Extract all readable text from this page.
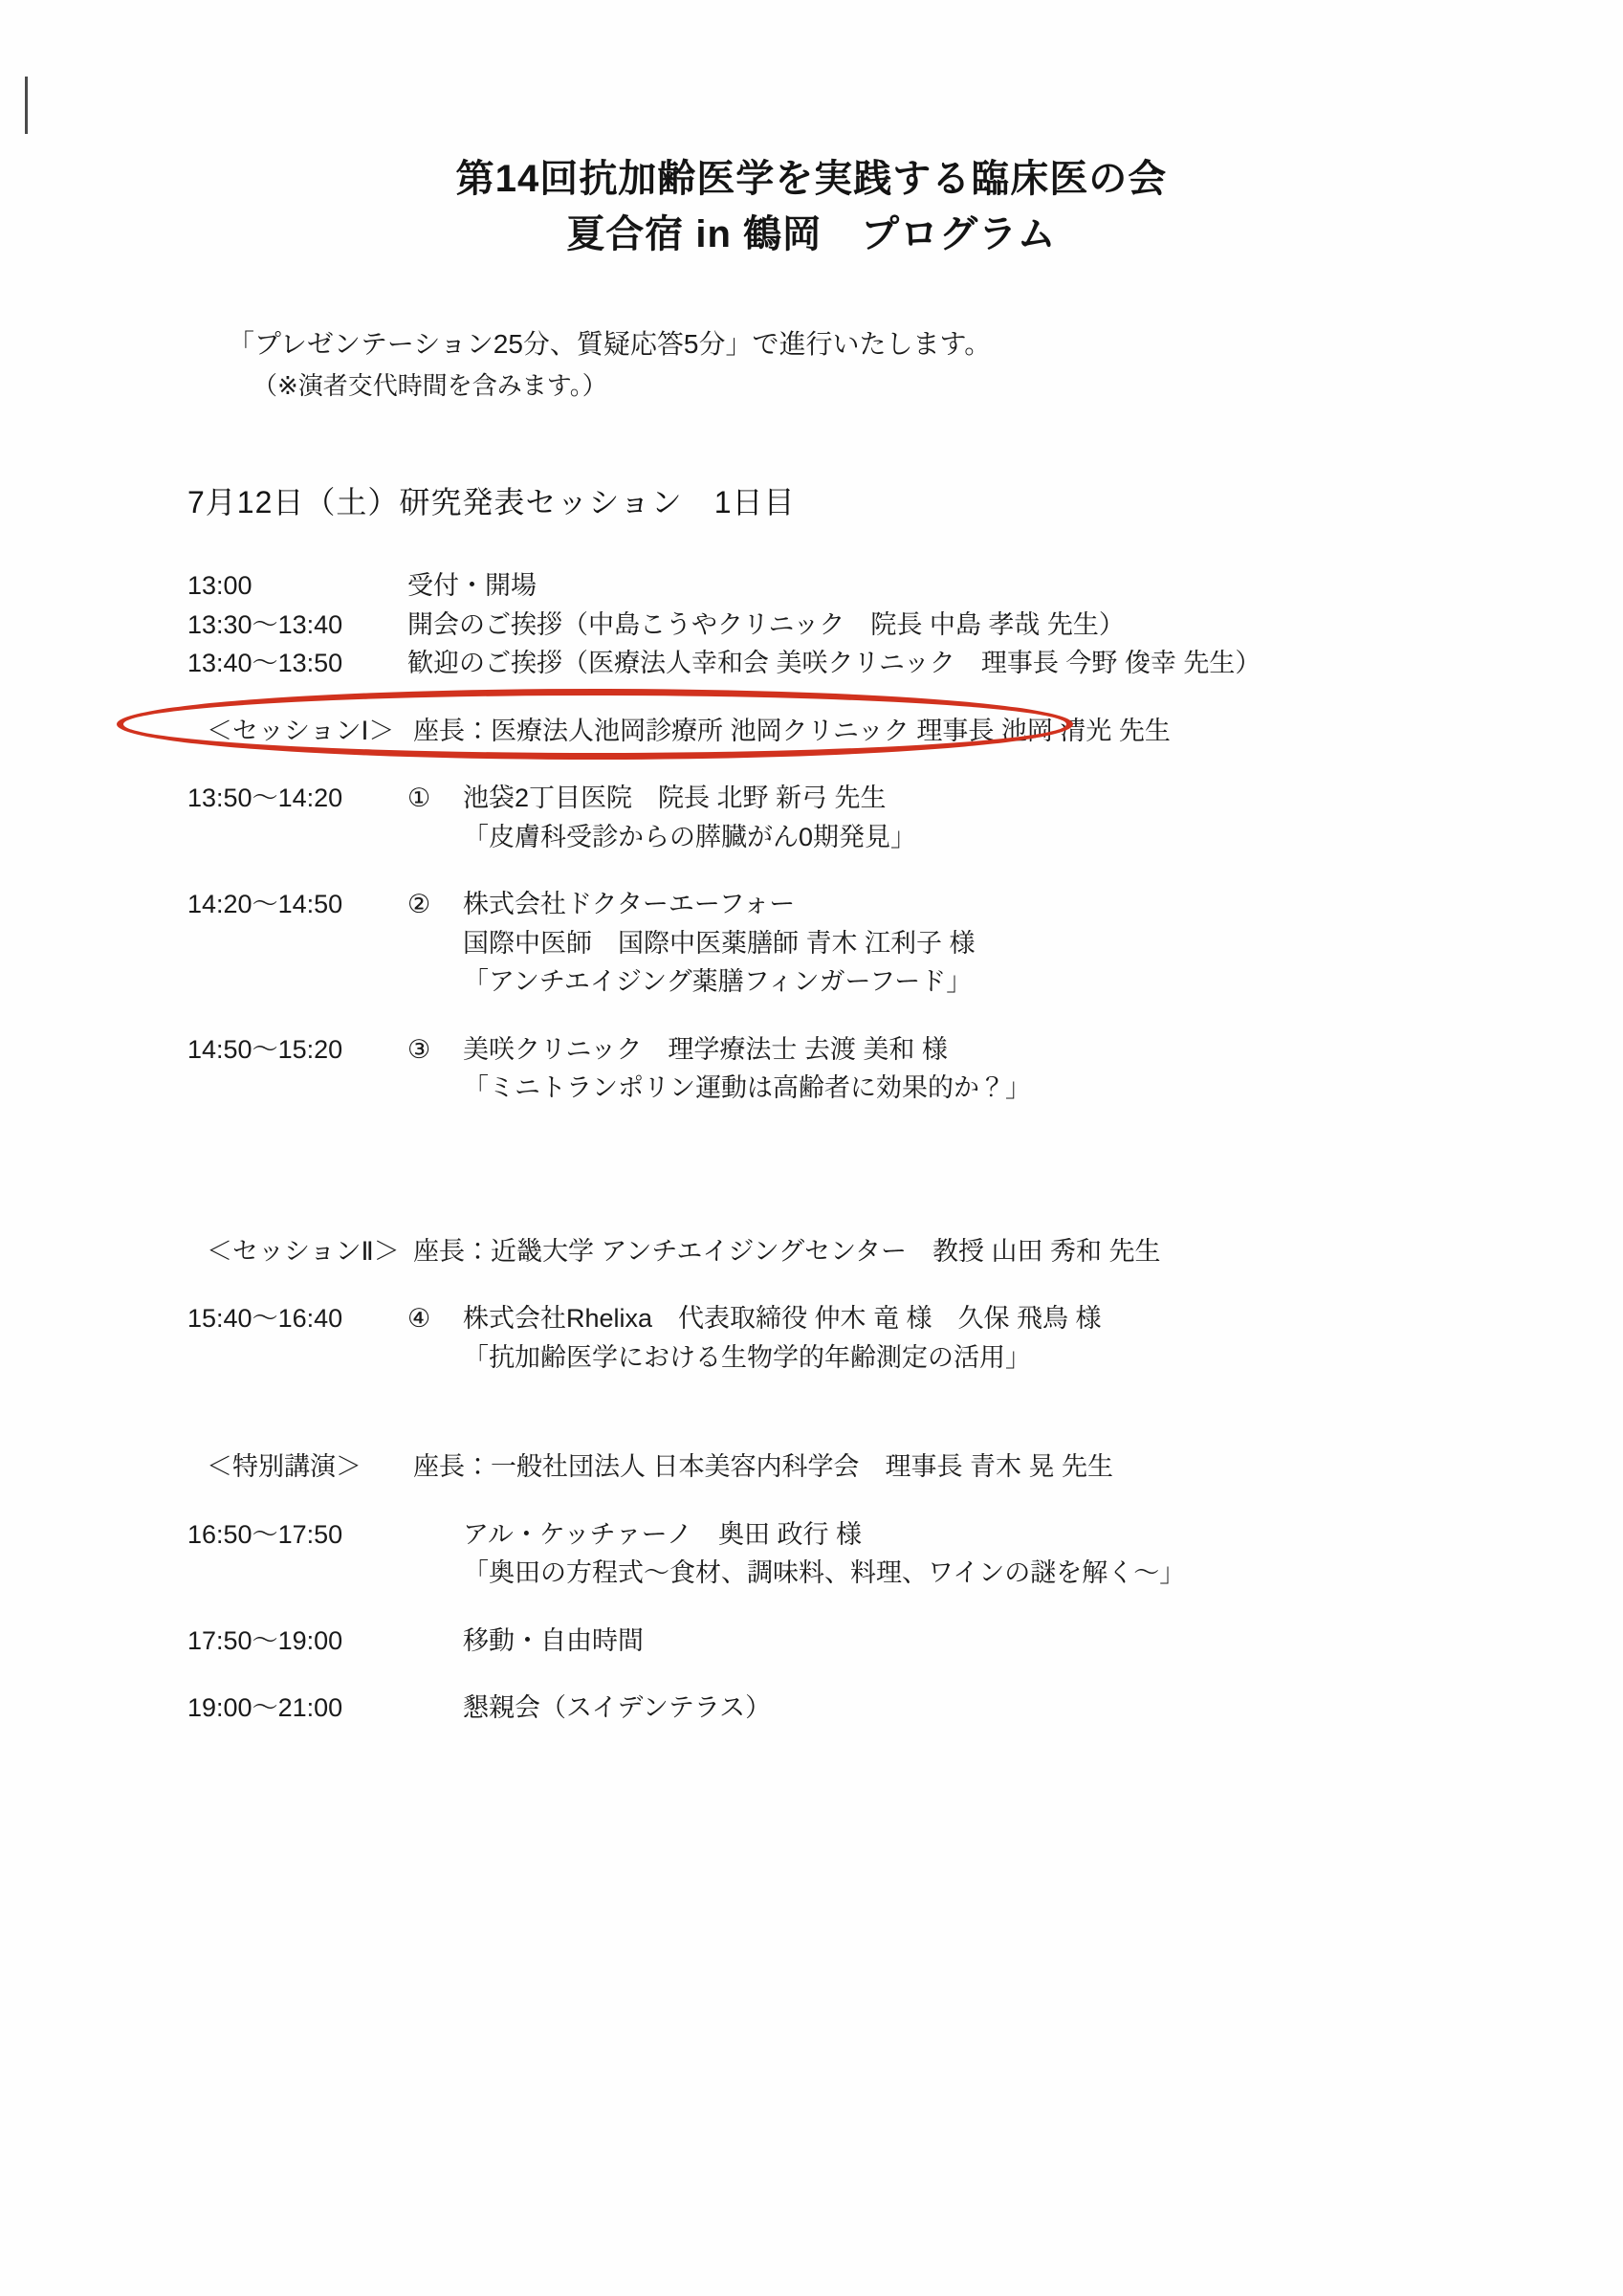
第14回抗加齢医学を実践する臨床医の会
夏合宿 in 鶴岡　プログラム
「プレゼンテーション25分、質疑応答5分」で進行いたします。
（※演者交代時間を含みます。）
7月12日（土）研究発表セッション　1日目
13:00	受付・開場
13:30〜13:40	開会のご挨拶（中島こうやクリニック　院長 中島 孝哉 先生）
13:40〜13:50	歓迎のご挨拶（医療法人幸和会 美咲クリニック　理事長 今野 俊幸 先生）
＜セッションⅠ＞ 座長：医療法人池岡診療所 池岡クリニック 理事長 池岡 清光 先生
13:50〜14:20	①	池袋2丁目医院　院長 北野 新弓 先生
「皮膚科受診からの膵臓がん0期発見」
14:20〜14:50	②	株式会社ドクターエーフォー
国際中医師　国際中医薬膳師 青木 江利子 様
「アンチエイジング薬膳フィンガーフード」
14:50〜15:20	③	美咲クリニック　理学療法士 去渡 美和 様
「ミニトランポリン運動は高齢者に効果的か？」
＜セッションⅡ＞ 座長：近畿大学 アンチエイジングセンター　教授 山田 秀和 先生
15:40〜16:40	④	株式会社Rhelixa　代表取締役 仲木 竜 様　久保 飛鳥 様
「抗加齢医学における生物学的年齢測定の活用」
＜特別講演＞	座長：一般社団法人 日本美容内科学会　理事長 青木 晃 先生
16:50〜17:50	アル・ケッチァーノ　奥田 政行 様
「奥田の方程式〜食材、調味料、料理、ワインの謎を解く〜」
17:50〜19:00	移動・自由時間
19:00〜21:00	懇親会（スイデンテラス）
